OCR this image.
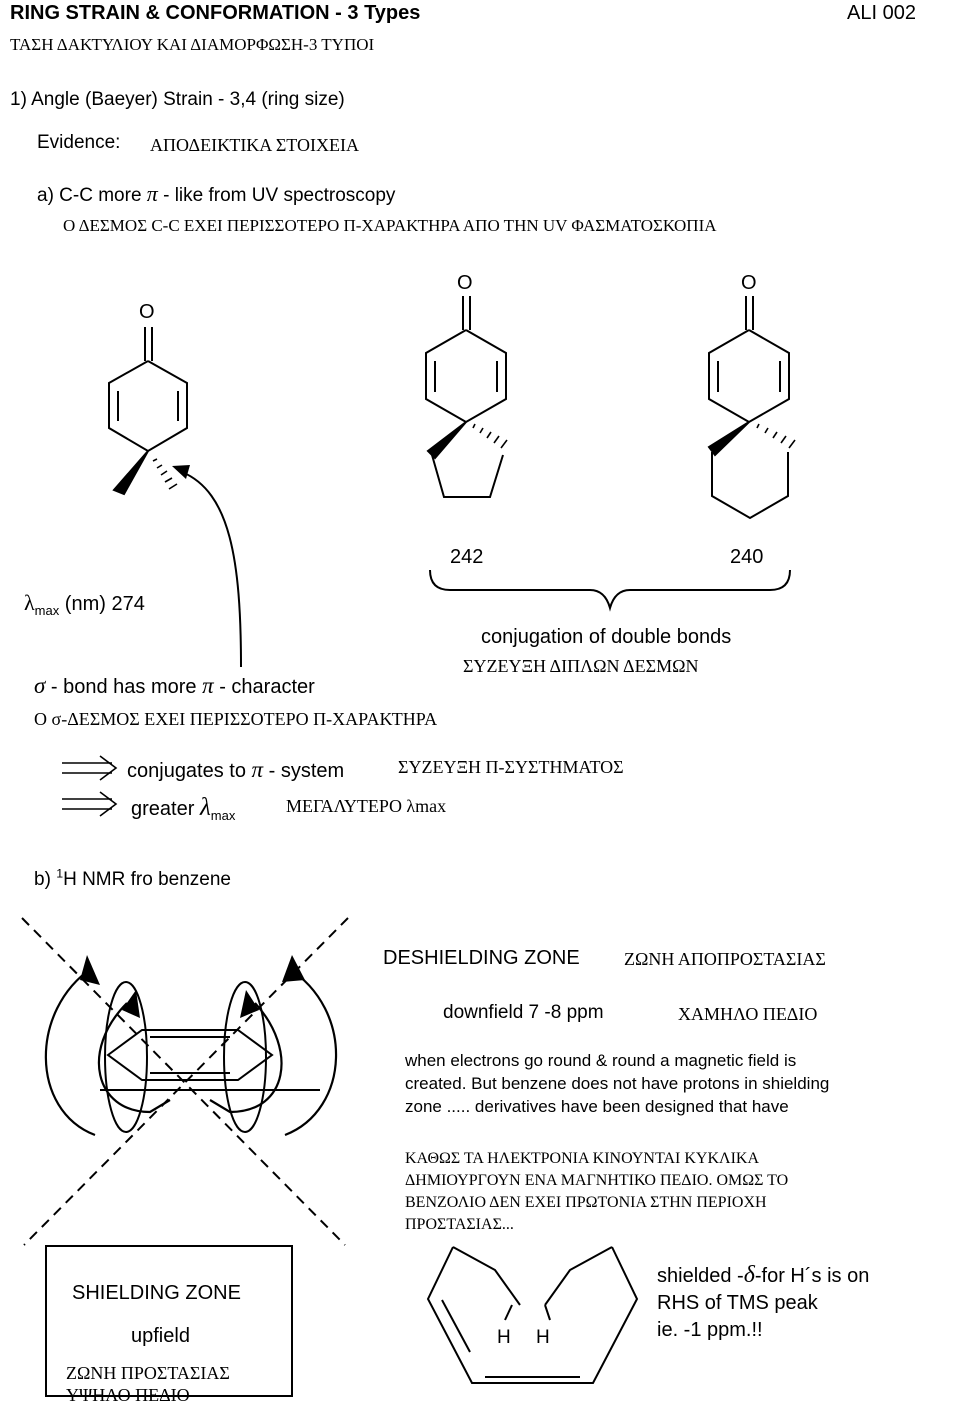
RING STRAIN & CONFORMATION - 3 Types	ALI 002
ΤΑΣΗ ΔΑΚΤΥΛΙΟΥ ΚΑΙ ΔΙΑΜΟΡΦΩΣΗ-3 ΤΥΠΟΙ
1) Angle (Baeyer) Strain - 3,4 (ring size)
Evidence: ΑΠΟΔΕΙΚΤΙΚΑ ΣΤΟΙΧΕΙΑ
a) C-C more π - like from UV spectroscopy
Ο ΔΕΣΜΟΣ C-C ΕΧΕΙ ΠΕΡΙΣΣΟΤΕΡΟ Π-ΧΑΡΑΚΤΗΡΑ ΑΠΟ ΤΗΝ UV ΦΑΣΜΑΤΟΣΚΟΠΙΑ
O
O	O
242	240
$\lambda_{max}$ (nm) 274
conjugation of double bonds
ΣΥΖΕΥΞΗ ΔΙΠΛΩΝ ΔΕΣΜΩΝ
σ - bond has more π - character
Ο σ-ΔΕΣΜΟΣ ΕΧΕΙ ΠΕΡΙΣΣΟΤΕΡΟ Π-ΧΑΡΑΚΤΗΡΑ
conjugates to π - system	ΣΥΖΕΥΞΗ Π-ΣΥΣΤΗΜΑΤΟΣ
greater $\lambda_{max}$	ΜΕΓΑΛΥΤΕΡΟ λmax
b) $^1$H NMR fro benzene
DESHIELDING ZONE ΖΩΝΗ ΑΠΟΠΡΟΣΤΑΣΙΑΣ
downfield 7 -8 ppm	ΧΑΜΗΛΟ ΠΕΔΙΟ
when electrons go round & round a magnetic field is
created. But benzene does not have protons in shielding
zone ..... derivatives have been designed that have
ΚΑΘΩΣ ΤΑ ΗΛΕΚΤΡΟΝΙΑ ΚΙΝΟΥΝΤΑΙ ΚΥΚΛΙΚΑ
ΔΗΜΙΟΥΡΓΟΥΝ ΕΝΑ ΜΑΓΝΗΤΙΚΟ ΠΕΔΙΟ. ΟΜΩΣ ΤΟ
ΒΕΝΖΟΛΙΟ ΔΕΝ ΕΧΕΙ ΠΡΩΤΟΝΙΑ ΣΤΗΝ ΠΕΡΙΟΧΗ
ΠΡΟΣΤΑΣΙΑΣ...
SHIELDING ZONE
upfield
ΖΩΝΗ ΠΡΟΣΤΑΣΙΑΣ
ΥΨΗΛΟ ΠΕΔΙΟ
H H
shielded -δ-for H´s is on
RHS of TMS peak
ie. -1 ppm.!!
